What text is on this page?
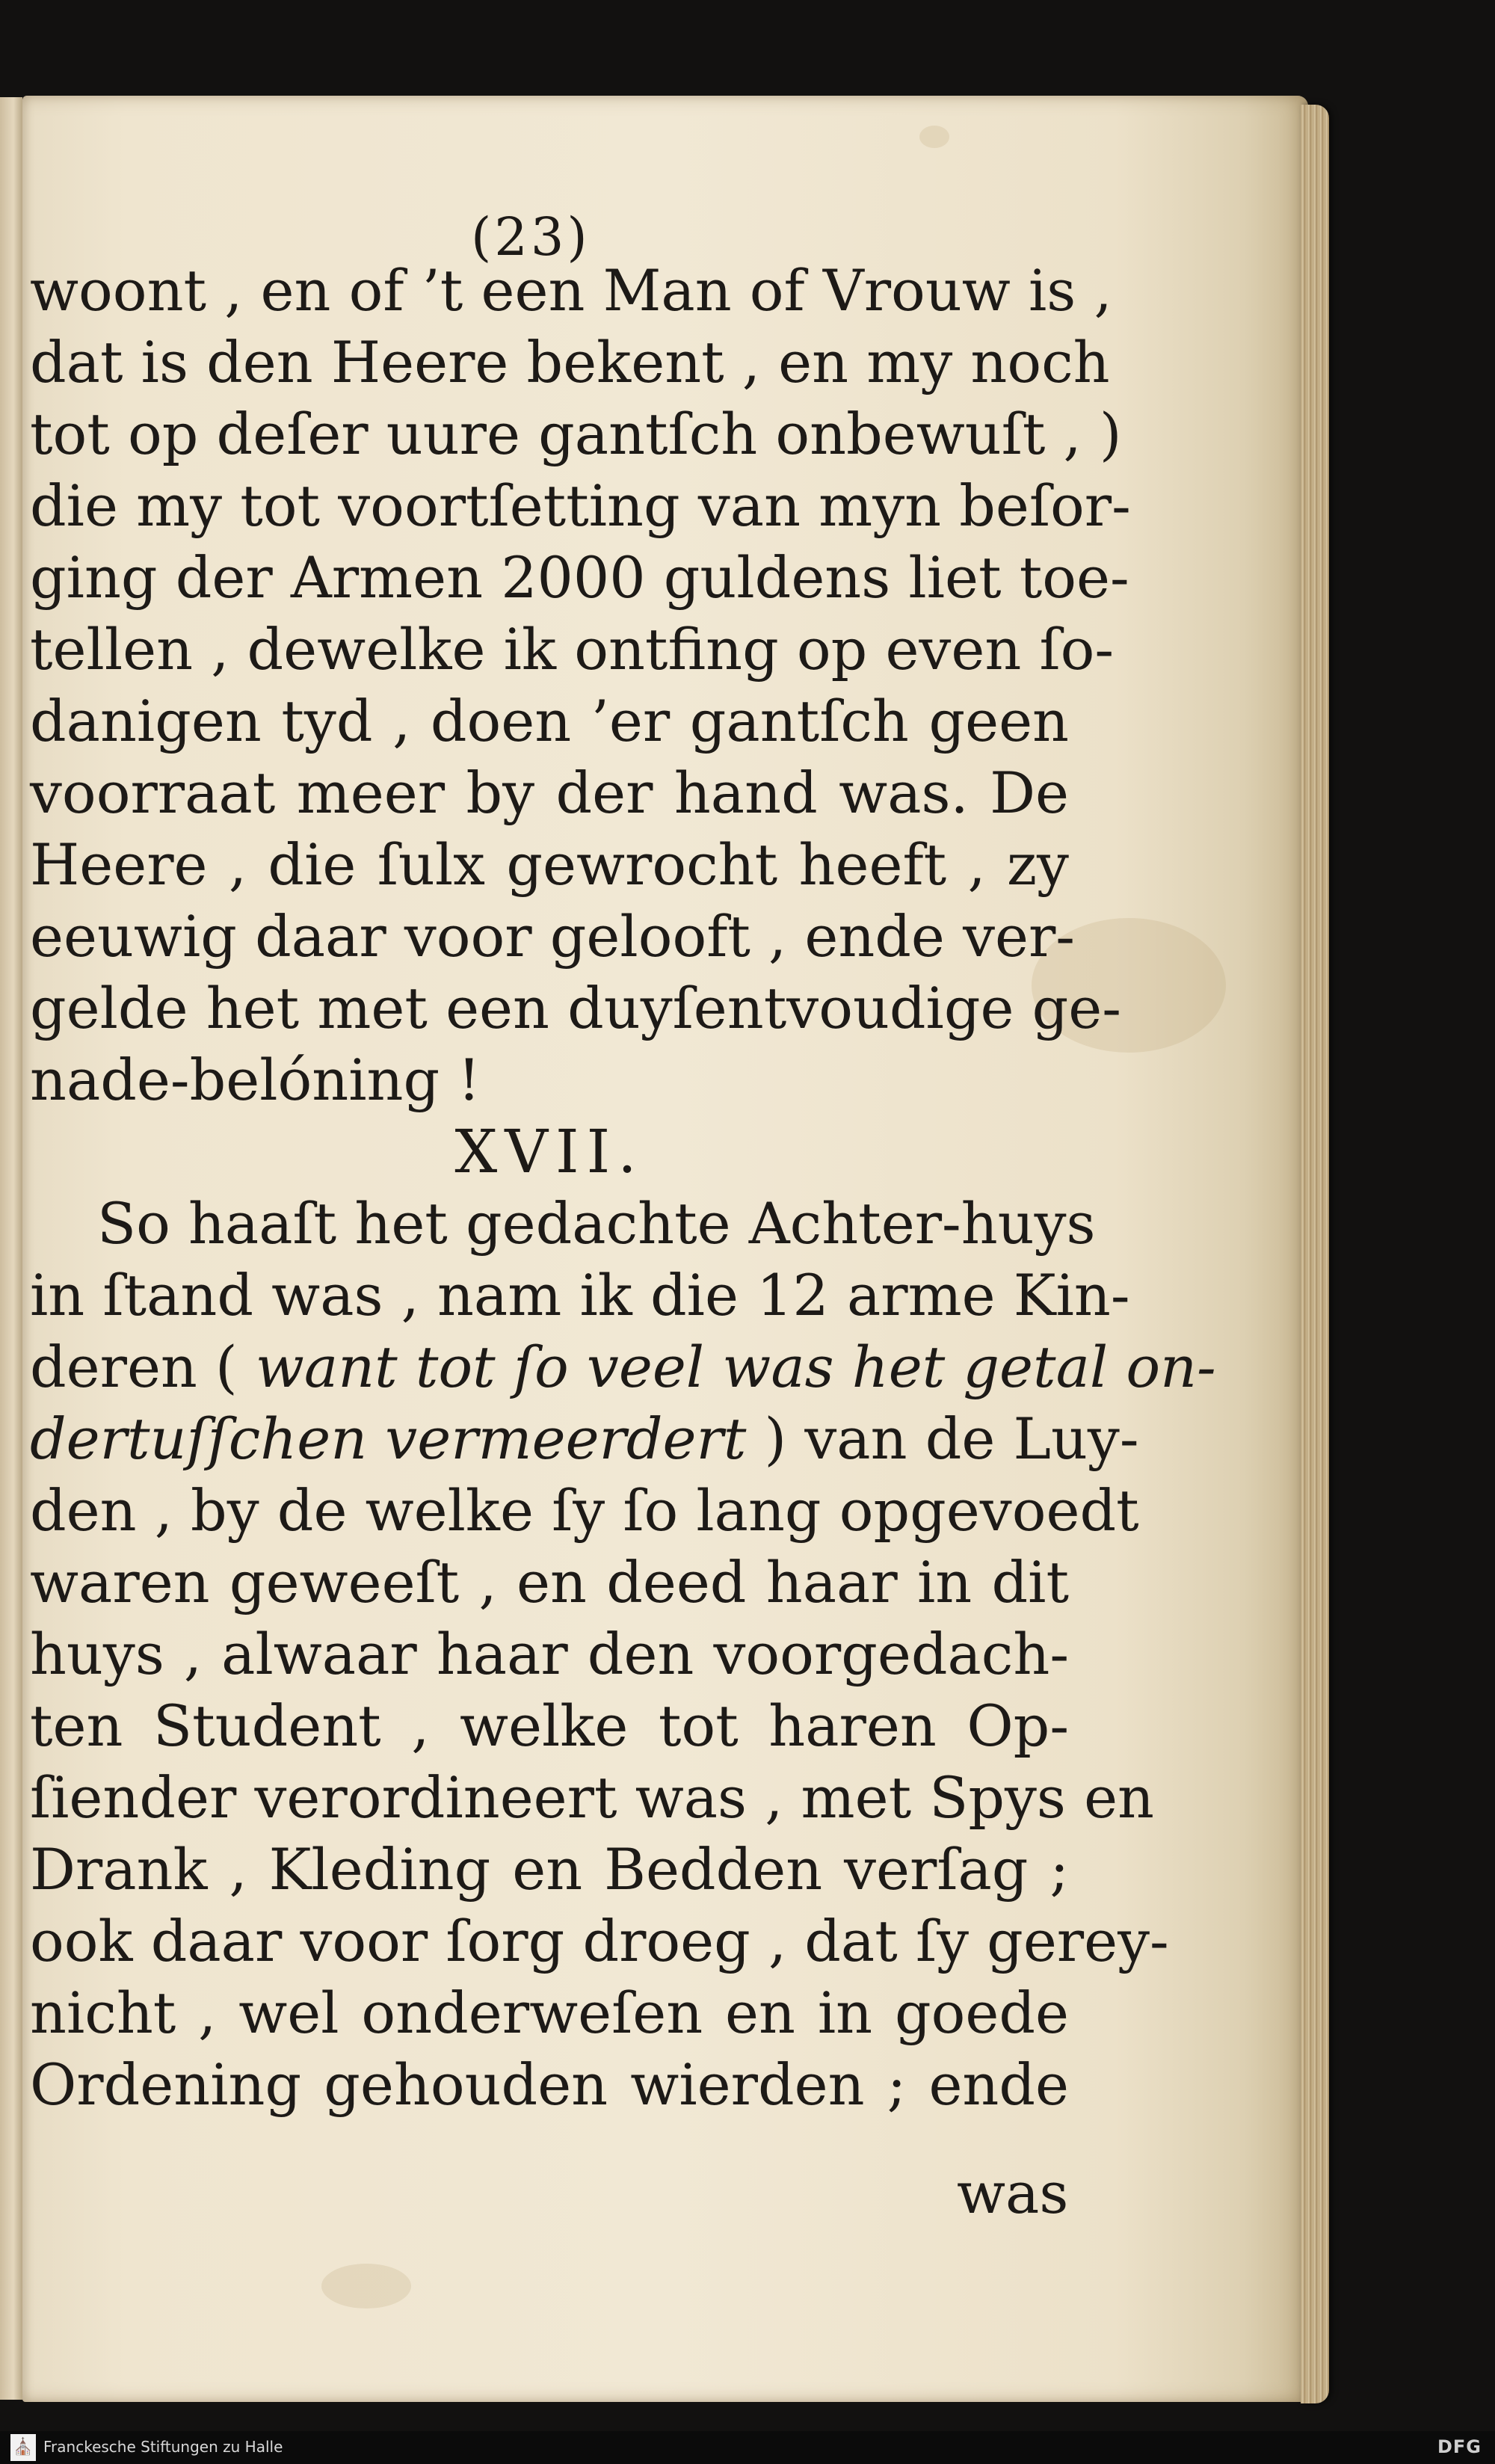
(23)
woont , en of ’t een Man of Vrouw is ,
dat is den Heere bekent , en my noch
tot op deſer uure gantſch onbewuſt , )
die my tot voortſetting van myn beſor-
ging der Armen 2000 guldens liet toe-
tellen , dewelke ik ontfing op even ſo-
danigen tyd , doen ’er gantſch geen
voorraat meer by der hand was. De
Heere , die ſulx gewrocht heeft , zy
eeuwig daar voor gelooft , ende ver-
gelde het met een duyſentvoudige ge-
nade-belóning !
XVII.
So haaſt het gedachte Achter-huys
in ſtand was , nam ik die 12 arme Kin-
deren ( want tot ſo veel was het getal on-
dertuſſchen vermeerdert ) van de Luy-
den , by de welke ſy ſo lang opgevoedt
waren geweeſt , en deed haar in dit
huys , alwaar haar den voorgedach-
ten Student , welke tot haren Op-
ſiender verordineert was , met Spys en
Drank , Kleding en Bedden verſag ;
ook daar voor ſorg droeg , dat ſy gerey-
nicht , wel onderweſen en in goede
Ordening gehouden wierden ; ende
was
⛪ Franckesche Stiftungen zu Halle	DFG
